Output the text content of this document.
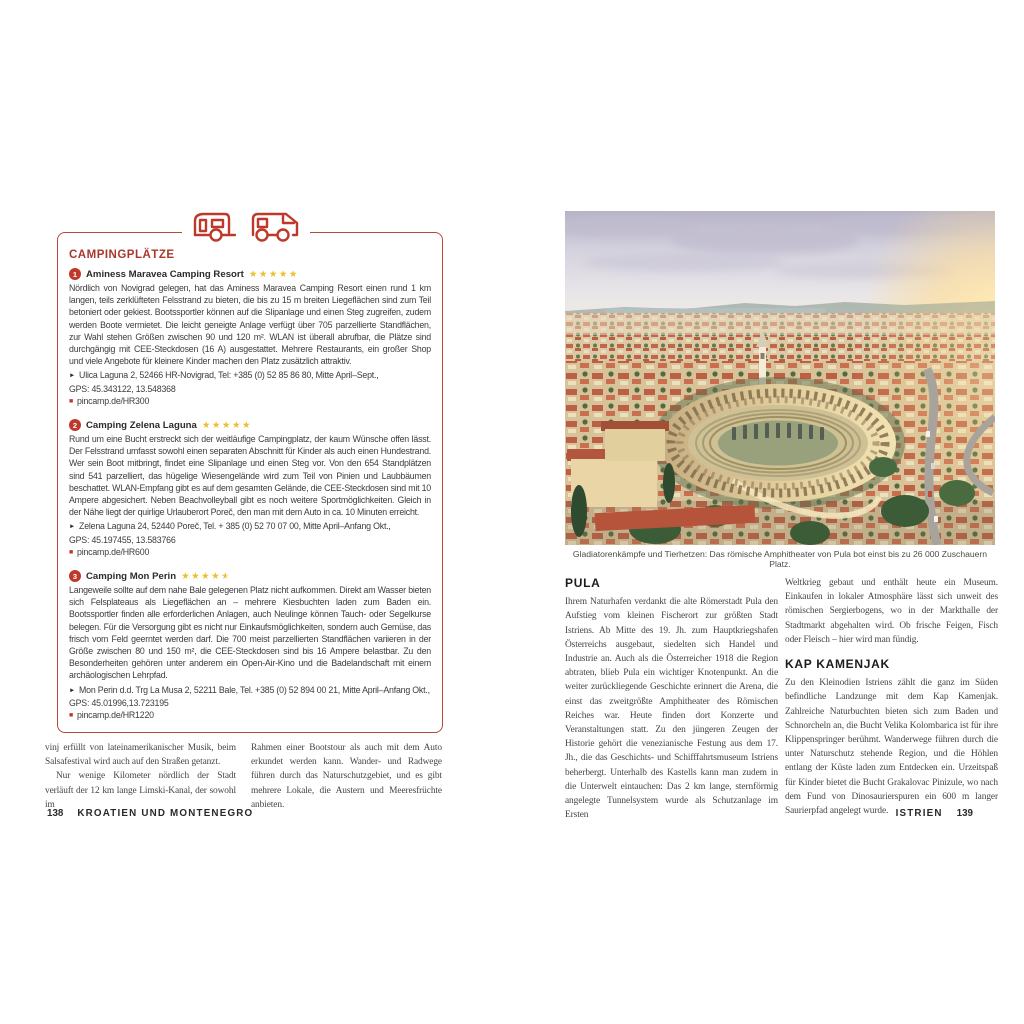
CAMPINGPLÄTZE
1 Aminess Maravea Camping Resort ★★★★★

Nördlich von Novigrad gelegen, hat das Aminess Maravea Camping Resort einen rund 1 km langen, teils zerklüfteten Felsstrand zu bieten, die bis zu 15 m breiten Liegeflächen sind zum Teil betoniert oder gekiest. Bootssportler können auf die Slipanlage und einen Steg zugreifen, zudem werden Boote vermietet. Die leicht geneigte Anlage verfügt über 705 parzellierte Standflächen, zur Wahl stehen Größen zwischen 90 und 120 m². WLAN ist überall abrufbar, die Plätze sind durchgängig mit CEE-Steckdosen (16 A) ausgestattet. Mehrere Restaurants, ein großer Shop und viele Angebote für kleinere Kinder machen den Platz zusätzlich attraktiv.

► Ulica Laguna 2, 52466 HR-Novigrad, Tel: +385 (0) 52 85 86 80, Mitte April–Sept.,
GPS: 45.343122, 13.548368
■ pincamp.de/HR300
2 Camping Zelena Laguna ★★★★★

Rund um eine Bucht erstreckt sich der weitläufige Campingplatz, der kaum Wünsche offen lässt. Der Felsstrand umfasst sowohl einen separaten Abschnitt für Kinder als auch einen Hundestrand. Wer sein Boot mitbringt, findet eine Slipanlage und einen Steg vor. Von den 654 Standplätzen sind 541 parzelliert, das hügelige Wiesengelände wird zum Teil von Pinien und Laubbäumen beschattet. WLAN-Empfang gibt es auf dem gesamten Gelände, die CEE-Steckdosen sind mit 10 Ampere abgesichert. Neben Beachvolleyball gibt es noch weitere Sportmöglichkeiten. Gleich in der Nähe liegt der quirlige Urlauberort Poreč, den man mit dem Auto in ca. 10 Minuten erreicht.

► Zelena Laguna 24, 52440 Poreč, Tel. + 385 (0) 52 70 07 00, Mitte April–Anfang Okt.,
GPS: 45.197455, 13.583766
■ pincamp.de/HR600
3 Camping Mon Perin ★★★★★

Langeweile sollte auf dem nahe Bale gelegenen Platz nicht aufkommen. Direkt am Wasser bieten sich Felsplateaus als Liegeflächen an – mehrere Kiesbuchten laden zum Baden ein. Bootssportler finden alle erforderlichen Anlagen, auch Neulinge können Tauch- oder Segelkurse belegen. Für die Versorgung gibt es nicht nur Einkaufsmöglichkeiten, sondern auch Gemüse, das frisch vom Feld geerntet werden darf. Die 700 meist parzellierten Standflächen variieren in der Größe zwischen 80 und 150 m², die CEE-Steckdosen sind bis 16 Ampere belastbar. Zu den Besonderheiten gehören unter anderem ein Open-Air-Kino und die Badelandschaft mit einem archäologischen Lehrpfad.

► Mon Perin d.d. Trg La Musa 2, 52211 Bale, Tel. +385 (0) 52 894 00 21, Mitte April–Anfang Okt.,
GPS: 45.01996,13.723195
■ pincamp.de/HR1220

vinj erfüllt von lateinamerikanischer Musik, beim Salsafestival wird auch auf den Straßen getanzt.

Nur wenige Kilometer nördlich der Stadt verläuft der 12 km lange Limski-Kanal, der sowohl im

Rahmen einer Bootstour als auch mit dem Auto erkundet werden kann. Wander- und Radwege führen durch das Naturschutzgebiet, und es gibt mehrere Lokale, die Austern und Meeresfrüchte anbieten.

138 KROATIEN UND MONTENEGRO
Gladiatorenkämpfe und Tierhetzen: Das römische Amphitheater von Pula bot einst bis zu 26 000 Zuschauern Platz.
PULA

Ihrem Naturhafen verdankt die alte Römerstadt Pula den Aufstieg vom kleinen Fischerort zur größten Stadt Istriens. Ab Mitte des 19. Jh. zum Hauptkriegshafen Österreichs ausgebaut, siedelten sich Handel und Industrie an. Auch als die Österreicher 1918 die Region abtraten, blieb Pula ein wichtiger Knotenpunkt. An die weiter zurückliegende Geschichte erinnert die Arena, die einst das zweitgrößte Amphitheater des Römischen Reiches war. Heute finden dort Konzerte und Veranstaltungen statt. Zu den jüngeren Zeugen der Historie gehört die venezianische Festung aus dem 17. Jh., die das Geschichts- und Schifffahrtsmuseum Istriens beherbergt. Unterhalb des Kastells kann man zudem in die Unterwelt eintauchen: Das 2 km lange, sternförmig angelegte Tunnelsystem wurde als Schutzanlage im Ersten

Weltkrieg gebaut und enthält heute ein Museum. Einkaufen in lokaler Atmosphäre lässt sich unweit des römischen Sergierbogens, wo in der Markthalle der Stadtmarkt abgehalten wird. Ob frische Feigen, Fisch oder Fleisch – hier wird man fündig.

KAP KAMENJAK

Zu den Kleinodien Istriens zählt die ganz im Süden befindliche Landzunge mit dem Kap Kamenjak. Zahlreiche Naturbuchten bieten sich zum Baden und Schnorcheln an, die Bucht Velika Kolombarica ist für ihre Klippenspringer berühmt. Wanderwege führen durch die unter Naturschutz stehende Region, und die Höhlen entlang der Küste laden zum Entdecken ein. Urzeitspaß für Kinder bietet die Bucht Grakalovac Pinizule, wo nach dem Fund von Dinosaurierspuren ein 600 m langer Saurierpfad angelegt wurde. ISTRIEN 139
